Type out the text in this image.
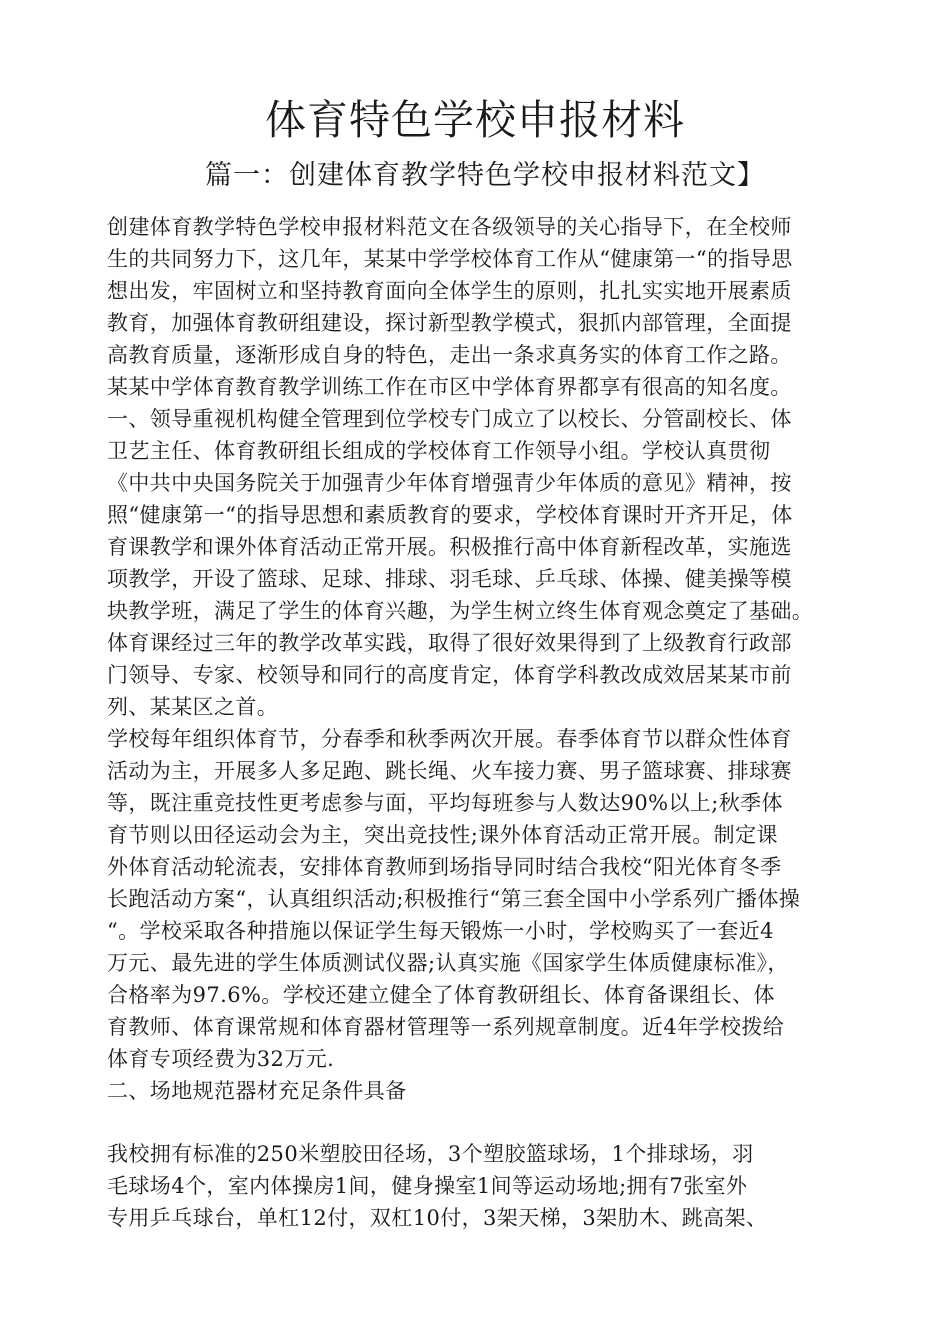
体育特色学校申报材料
篇一：创建体育教学特色学校申报材料范文】
创建体育教学特色学校申报材料范文在各级领导的关心指导下，在全校师
生的共同努力下，这几年，某某中学学校体育工作从“健康第一“的指导思
想出发，牢固树立和坚持教育面向全体学生的原则，扎扎实实地开展素质
教育，加强体育教研组建设，探讨新型教学模式，狠抓内部管理，全面提
高教育质量，逐渐形成自身的特色，走出一条求真务实的体育工作之路。
某某中学体育教育教学训练工作在市区中学体育界都享有很高的知名度。
一、领导重视机构健全管理到位学校专门成立了以校长、分管副校长、体
卫艺主任、体育教研组长组成的学校体育工作领导小组。学校认真贯彻
《中共中央国务院关于加强青少年体育增强青少年体质的意见》精神，按
照“健康第一“的指导思想和素质教育的要求，学校体育课时开齐开足，体
育课教学和课外体育活动正常开展。积极推行高中体育新程改革，实施选
项教学，开设了篮球、足球、排球、羽毛球、乒乓球、体操、健美操等模
块教学班，满足了学生的体育兴趣，为学生树立终生体育观念奠定了基础。
体育课经过三年的教学改革实践，取得了很好效果得到了上级教育行政部
门领导、专家、校领导和同行的高度肯定，体育学科教改成效居某某市前
列、某某区之首。
学校每年组织体育节，分春季和秋季两次开展。春季体育节以群众性体育
活动为主，开展多人多足跑、跳长绳、火车接力赛、男子篮球赛、排球赛
等，既注重竞技性更考虑参与面，平均每班参与人数达90%以上;秋季体
育节则以田径运动会为主，突出竞技性;课外体育活动正常开展。制定课
外体育活动轮流表，安排体育教师到场指导同时结合我校“阳光体育冬季
长跑活动方案“，认真组织活动;积极推行“第三套全国中小学系列广播体操
“。学校采取各种措施以保证学生每天锻炼一小时，学校购买了一套近4
万元、最先进的学生体质测试仪器;认真实施《国家学生体质健康标准》，
合格率为97.6%。学校还建立健全了体育教研组长、体育备课组长、体
育教师、体育课常规和体育器材管理等一系列规章制度。近4年学校拨给
体育专项经费为32万元.
二、场地规范器材充足条件具备
我校拥有标准的250米塑胶田径场，3个塑胶篮球场，1个排球场，羽
毛球场4个，室内体操房1间，健身操室1间等运动场地;拥有7张室外
专用乒乓球台，单杠12付，双杠10付，3架天梯，3架肋木、跳高架、
